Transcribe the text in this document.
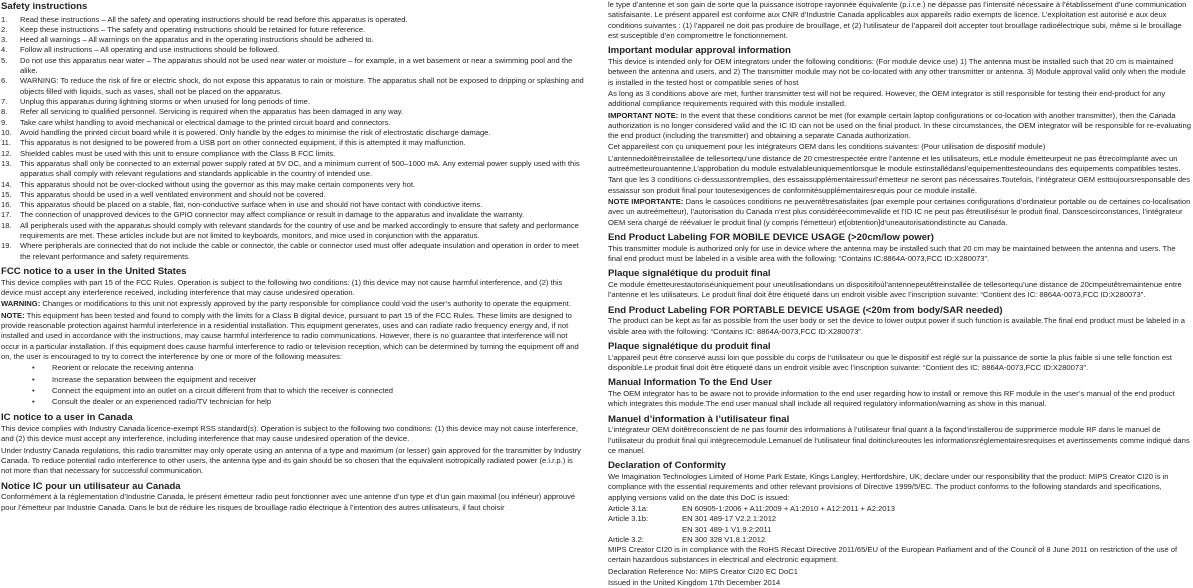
Safety instructions
1. Read these instructions – All the safety and operating instructions should be read before this apparatus is operated.
2. Keep these instructions – The safety and operating instructions should be retained for future reference.
3. Heed all warnings – All warnings on the apparatus and in the operating instructions should be adhered to.
4. Follow all instructions – All operating and use instructions should be followed.
5. Do not use this apparatus near water – The apparatus should not be used near water or moisture – for example, in a wet basement or near a swimming pool and the alike.
6. WARNING: To reduce the risk of fire or electric shock, do not expose this apparatus to rain or moisture. The apparatus shall not be exposed to dripping or splashing and objects filled with liquids, such as vases, shall not be placed on the apparatus.
7. Unplug this apparatus during lightning storms or when unused for long periods of time.
8. Refer all servicing to qualified personnel. Servicing is required when the apparatus has been damaged in any way.
9. Take care whilst handling to avoid mechanical or electrical damage to the printed circuit board and connectors.
10. Avoid handling the printed circuit board while it is powered. Only handle by the edges to minimise the risk of electrostatic discharge damage.
11. This apparatus is not designed to be powered from a USB port on other connected equipment, if this is attempted it may malfunction.
12. Shielded cables must be used with this unit to ensure compliance with the Class B FCC limits.
13. This apparatus shall only be connected to an external power supply rated at 5V DC, and a minimum current of 500–1000 mA. Any external power supply used with this apparatus shall comply with relevant regulations and standards applicable in the country of intended use.
14. This apparatus should not be over-clocked without using the governor as this may make certain components very hot.
15. This apparatus should be used in a well ventilated environment and should not be covered.
16. This apparatus should be placed on a stable, flat, non-conductive surface when in use and should not have contact with conductive items.
17. The connection of unapproved devices to the GPIO connector may affect compliance or result in damage to the apparatus and invalidate the warranty.
18. All peripherals used with the apparatus should comply with relevant standards for the country of use and be marked accordingly to ensure that safety and performance requirements are met. These articles include but are not limited to keyboards, monitors, and mice used in conjunction with the apparatus.
19. Where peripherals are connected that do not include the cable or connector, the cable or connector used must offer adequate insulation and operation in order to meet the relevant performance and safety requirements.
FCC notice to a user in the United States

This device complies with part 15 of the FCC Rules. Operation is subject to the following two conditions: (1) this device may not cause harmful interference, and (2) this device must accept any interference received, including interference that may cause undesired operation.

WARNING: Changes or modifications to this unit not expressly approved by the party responsible for compliance could void the user’s authority to operate the equipment.

NOTE: This equipment has been tested and found to comply with the limits for a Class B digital device, pursuant to part 15 of the FCC Rules. These limits are designed to provide reasonable protection against harmful interference in a residential installation. This equipment generates, uses and can radiate radio frequency energy and, if not installed and used in accordance with the instructions, may cause harmful interference to radio communications. However, there is no guarantee that interference will not occur in a particular installation. If this equipment does cause harmful interference to radio or television reception, which can be determined by turning the equipment off and on, the user is encouraged to try to correct the interference by one or more of the following measures:

• Reorient or relocate the receiving antenna
• Increase the separation between the equipment and receiver
• Connect the equipment into an outlet on a circuit different from that to which the receiver is connected
• Consult the dealer or an experienced radio/TV technician for help
IC notice to a user in Canada

This device complies with Industry Canada licence-exempt RSS standard(s). Operation is subject to the following two conditions: (1) this device may not cause interference, and (2) this device must accept any interference, including interference that may cause undesired operation of the device.

Under Industry Canada regulations, this radio transmitter may only operate using an antenna of a type and maximum (or lesser) gain approved for the transmitter by Industry Canada. To reduce potential radio interference to other users, the antenna type and its gain should be so chosen that the equivalent isotropically radiated power (e.i.r.p.) is not more than that necessary for successful communication.

Notice IC pour un utilisateur au Canada

Conformément à la réglementation d’Industrie Canada, le présent émetteur radio peut fonctionner avec une antenne d’un type et d’un gain maximal (ou inférieur) approuvé pour l’émetteur par Industrie Canada. Dans le but de réduire les risques de brouillage radio électrique à l’intention des autres utilisateurs, il faut choisir

le type d’antenne et son gain de sorte que la puissance isotrope rayonnée équivalente (p.i.r.e.) ne dépasse pas l’intensité nécessaire à l’établissement d’une communication satisfaisante. Le présent appareil est conforme aux CNR d’Industrie Canada applicables aux appareils radio exempts de licence. L’exploitation est autorisé e aux deux conditions suivantes : (1) l’appareil ne doit pas produire de brouillage, et (2) l’utilisateur de l’appareil doit accepter tout brouillage radioélectrique subi, même si le brouillage est susceptible d’en compromettre le fonctionnement.

Important modular approval information

This device is intended only for OEM integrators under the following conditions: (For module device use) 1) The antenna must be installed such that 20 cm is maintained between the antenna and users, and 2) The transmitter module may not be co-located with any other transmitter or antenna. 3) Module approval valid only when the module is installed in the tested host or compatible series of host

As long as 3 conditions above are met, further transmitter test will not be required. However, the OEM integrator is still responsible for testing their end-product for any additional compliance requirements required with this module installed.

IMPORTANT NOTE: In the event that these conditions cannot be met (for example certain laptop configurations or co-location with another transmitter), then the Canada authorization is no longer considered valid and the IC ID can not be used on the final product. In these circumstances, the OEM integrator will be responsible for re-evaluating the end product (including the transmitter) and obtaining a separate Canada authorization.

Cet appareilest con çu uniquement pour les intégrateurs OEM dans les conditions suivantes: (Pour utilisation de dispositif module)

L’antennedoitêtreinstallée de tellesortequ’une distance de 20 cmestrespectée entre l’antenne et les utilisateurs, etLe module émetteurpeut ne pas êtrecoïmplanté avec un autreémetteurouantenne.L’approbation du module estvalableuniquementlorsque le module estinstallédansl’equipementtesteoundans des equipements compatibles testes.

Tant que les 3 conditions ci-dessussontremplies, des essaissupplémentairessurl’émetteur ne seront pas nécessaires.Toutefois, l’intégrateur OEM esttoujoursresponsable des essaissur son produit final pour toutesexigences de conformitésupplémentairesrequis pour ce module installé.

NOTE IMPORTANTE: Dans le casoùces conditions ne peuventêtresatisfaites (par exemple pour certaines configurations d’ordinateur portable ou de certaines co-localisation avec un autreémetteur), l’autorisation du Canada n’est plus considéréecommevalide et l’ID IC ne peut pas êtreutilisésur le produit final. Danscescirconstances, l’intégrateur OEM sera chargé de réévaluer le produit final (y compris l’émetteur) et[obtention]d’uneautorisationdistincte au Canada.

End Product Labeling FOR MOBILE DEVICE USAGE (>20cm/low power)

This transmitter module is authorized only for use in device where the antenna may be installed such that 20 cm may be maintained between the antenna and users. The final end product must be labeled in a visible area with the following: “Contains IC:8864A-0073,FCC ID:X280073”.

Plaque signalétique du produit final

Ce module émetteurestautoriséuniquement pour uneutilisationdans un dispositifoùl’antennepeutêtreinstallée de tellesortequ’une distance de 20cmpeutêtremaintenue entre l’antenne et les utilisateurs. Le produit final doit être étiqueté dans un endroit visible avec l’inscription suivante: “Contient des IC: 8864A-0073,FCC ID:X280073”.

End Product Labeling FOR PORTABLE DEVICE USAGE (<20m from body/SAR needed)

The product can be kept as far as possible from the user body or set the device to lower output power if such function is available.The final end product must be labeled in a visible area with the following: “Contains IC: 8864A-0073,FCC ID:X280073”.

Plaque signalétique du produit final

L’appareil peut être conservé aussi loin que possible du corps de l’utilisateur ou que le dispositif est réglé sur la puissance de sortie la plus faible si une telle fonction est disponible.Le produit final doit être étiqueté dans un endroit visible avec l’inscription suivante: “Contient des IC: 8864A-0073,FCC ID:X280073”.

Manual Information To the End User

The OEM integrator has to be aware not to provide information to the end user regarding how to install or remove this RF module in the user’s manual of the end product which integrates this module.The end user manual shall include all required regulatory information/warning as show in this manual.

Manuel d’information à l’utilisateur final

L’intégrateur OEM doitêtreconscient de ne pas fournir des informations à l’utilisateur final quant à la façond’installerou de supprimerce module RF dans le manuel de l’utilisateur du produit final qui intègrecemodule.Lemanuel de l’utilisateur final doitinclureoutes les informationsréglementairesrequises et avertissements comme indiqué dans ce manuel.

Declaration of Conformity

We Imagination Technologies Limited of Home Park Estate, Kings Langley, Hertfordshire, UK; declare under our responsibility that the product: MIPS Creator CI20 is in compliance with the essential requirements and other relevant provisions of Directive 1999/5/EC. The product conforms to the following standards and specifications, applying versions valid on the date this DoC is issued:

Article 3.1a:	EN 60905-1:2006 + A11:2009 + A1:2010 + A12:2011 + A2:2013
Article 3.1b:	EN 301 489-17 V2.2.1:2012
EN 301 489-1 V1.9.2:2011
Article 3.2:	EN 300 328 V1.8.1:2012

MIPS Creator CI20 is in compliance with the RoHS Recast Directive 2011/65/EU of the European Parliament and of the Council of 8 June 2011 on restriction of the use of certain hazardous substances in electrical and electronic equipment.

Declaration Reference No: MIPS Creator CI20 EC DoC1

Issued in the United Kingdom 17th December 2014
